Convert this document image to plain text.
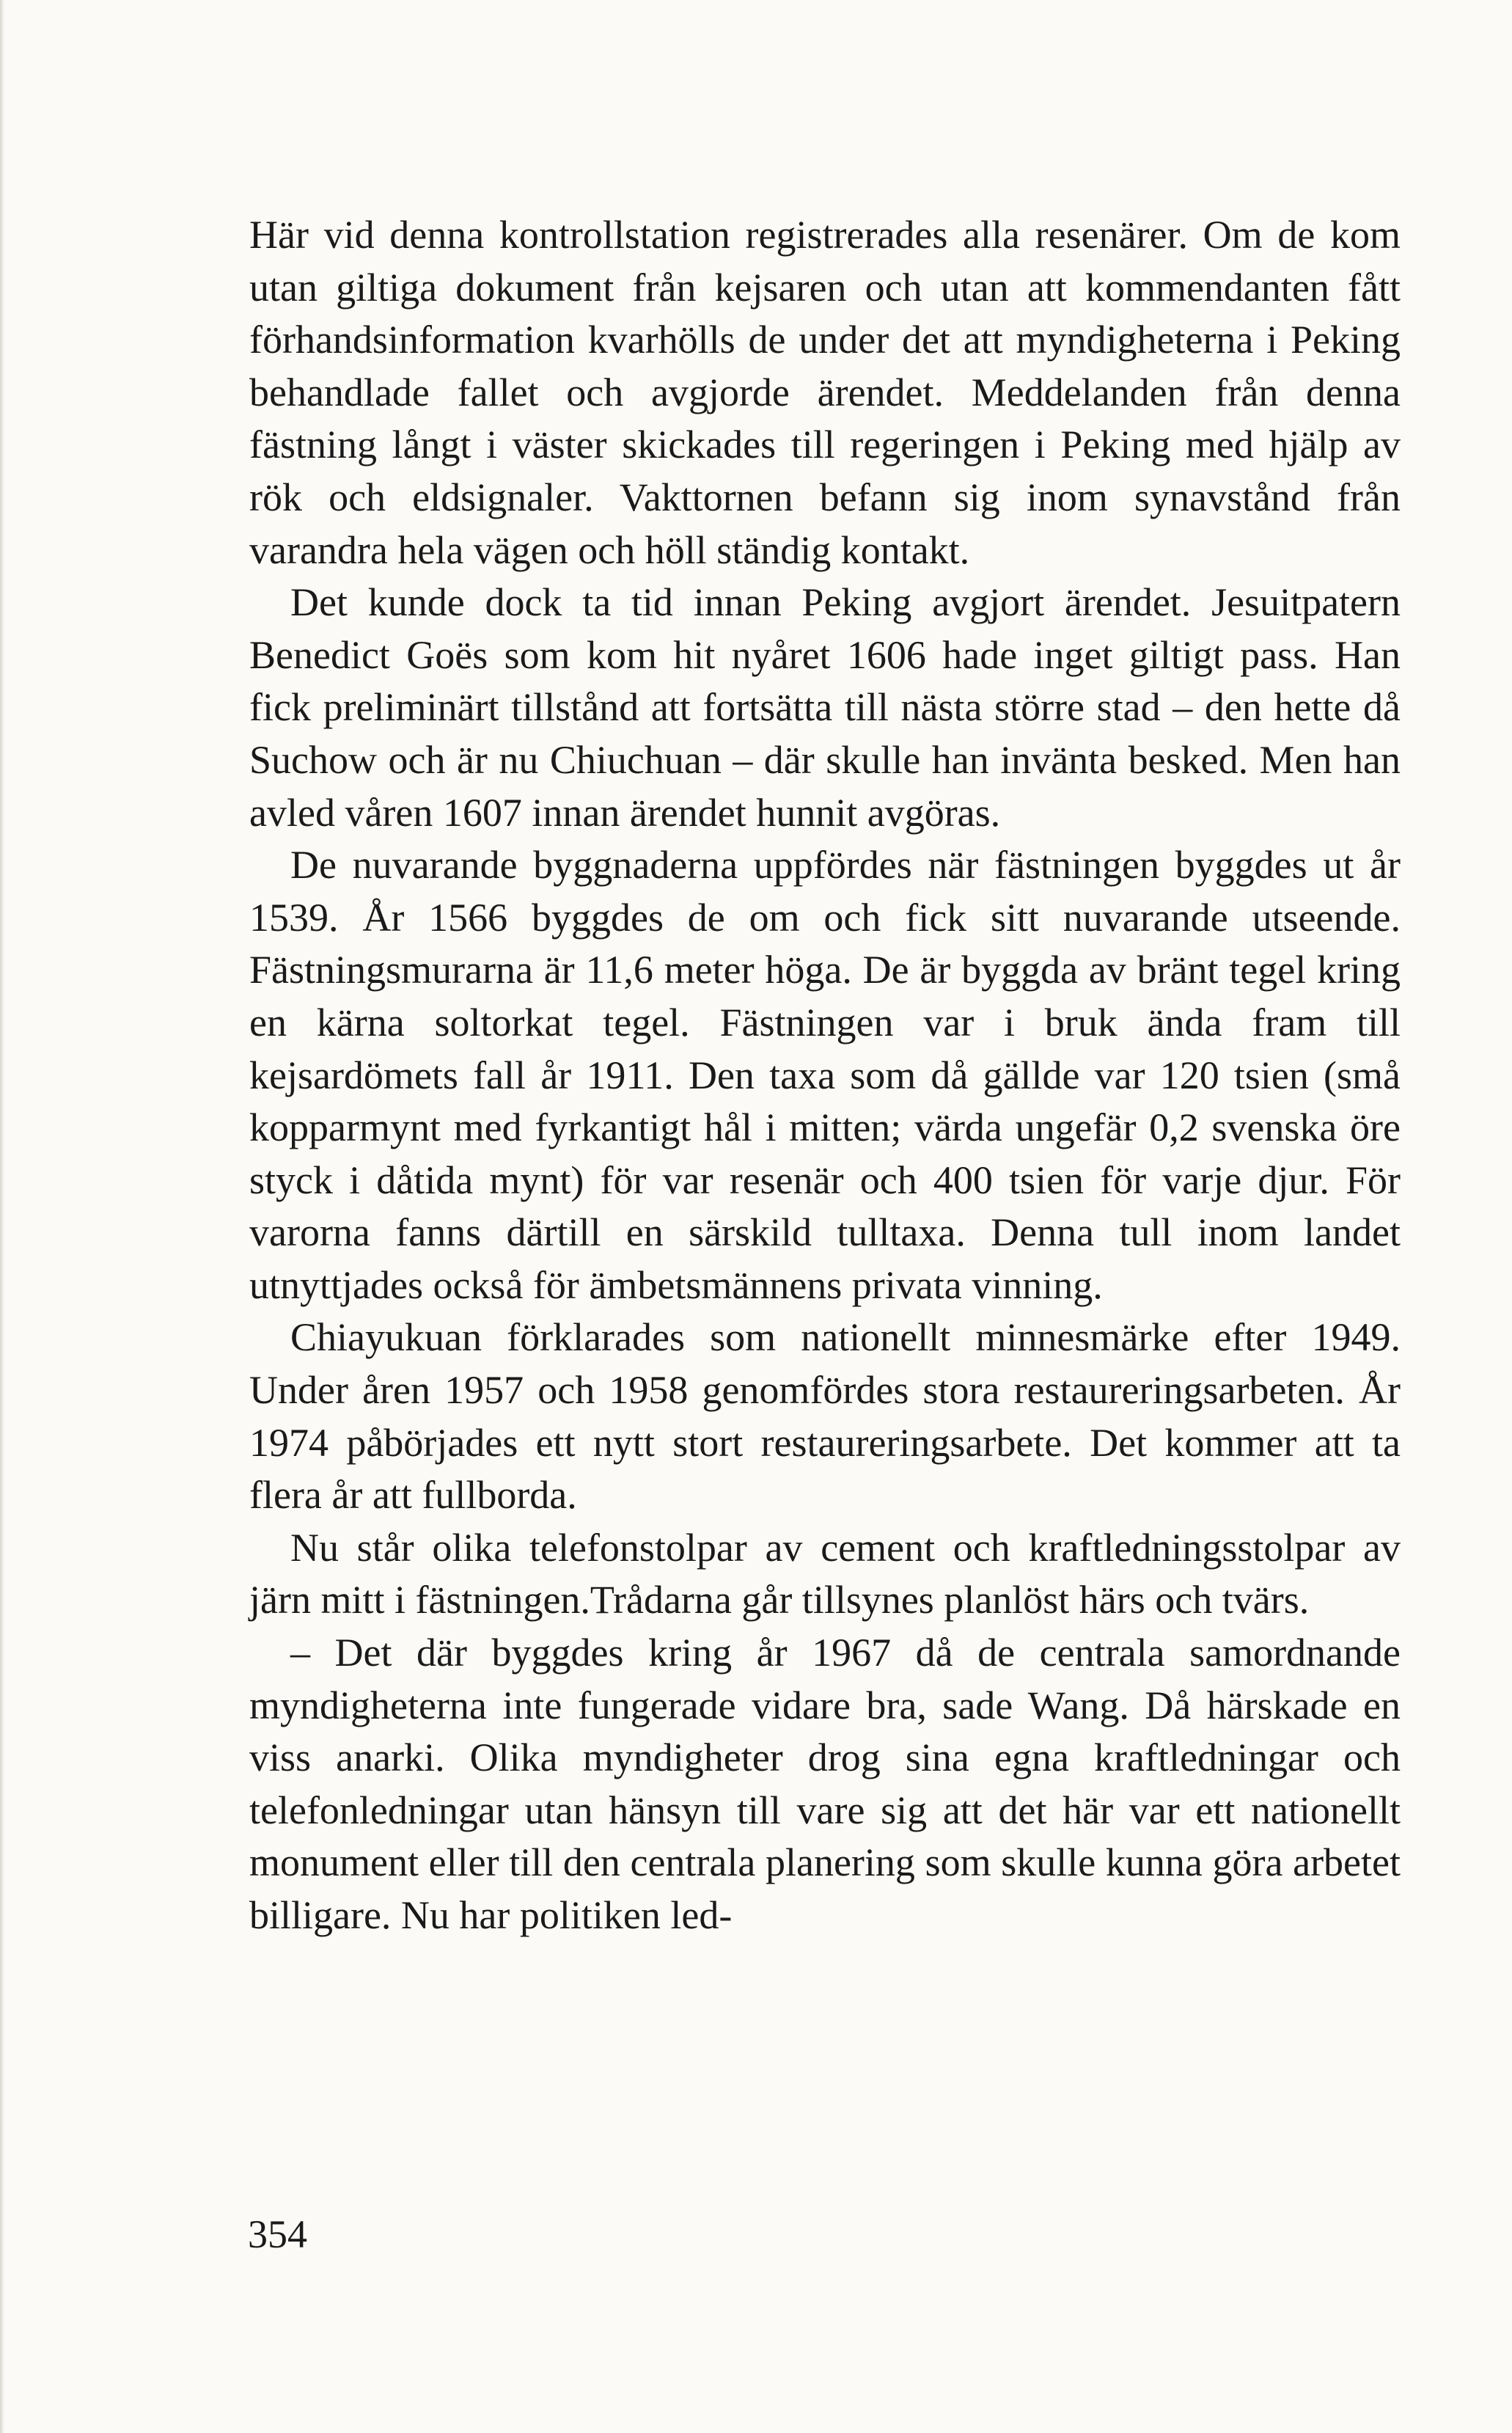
Här vid denna kontrollstation registrerades alla resenärer. Om de kom utan giltiga dokument från kejsaren och utan att kommendanten fått förhandsinformation kvarhölls de under det att myndigheterna i Peking behandlade fallet och avgjorde ärendet. Meddelanden från denna fästning långt i väster skickades till regeringen i Peking med hjälp av rök och eldsignaler. Vakttornen befann sig inom synavstånd från varandra hela vägen och höll ständig kontakt.

Det kunde dock ta tid innan Peking avgjort ärendet. Jesuitpatern Benedict Goës som kom hit nyåret 1606 hade inget giltigt pass. Han fick preliminärt tillstånd att fortsätta till nästa större stad – den hette då Suchow och är nu Chiuchuan – där skulle han invänta besked. Men han avled våren 1607 innan ärendet hunnit avgöras.

De nuvarande byggnaderna uppfördes när fästningen byggdes ut år 1539. År 1566 byggdes de om och fick sitt nuvarande utseende. Fästningsmurarna är 11,6 meter höga. De är byggda av bränt tegel kring en kärna soltorkat tegel. Fästningen var i bruk ända fram till kejsardömets fall år 1911. Den taxa som då gällde var 120 tsien (små kopparmynt med fyrkantigt hål i mitten; värda ungefär 0,2 svenska öre styck i dåtida mynt) för var resenär och 400 tsien för varje djur. För varorna fanns därtill en särskild tulltaxa. Denna tull inom landet utnyttjades också för ämbetsmännens privata vinning.

Chiayukuan förklarades som nationellt minnesmärke efter 1949. Under åren 1957 och 1958 genomfördes stora restaureringsarbeten. År 1974 påbörjades ett nytt stort restaureringsarbete. Det kommer att ta flera år att fullborda.

Nu står olika telefonstolpar av cement och kraftledningsstolpar av järn mitt i fästningen.Trådarna går tillsynes planlöst härs och tvärs.

– Det där byggdes kring år 1967 då de centrala samordnande myndigheterna inte fungerade vidare bra, sade Wang. Då härskade en viss anarki. Olika myndigheter drog sina egna kraftledningar och telefonledningar utan hänsyn till vare sig att det här var ett nationellt monument eller till den centrala planering som skulle kunna göra arbetet billigare. Nu har politiken led-

354
